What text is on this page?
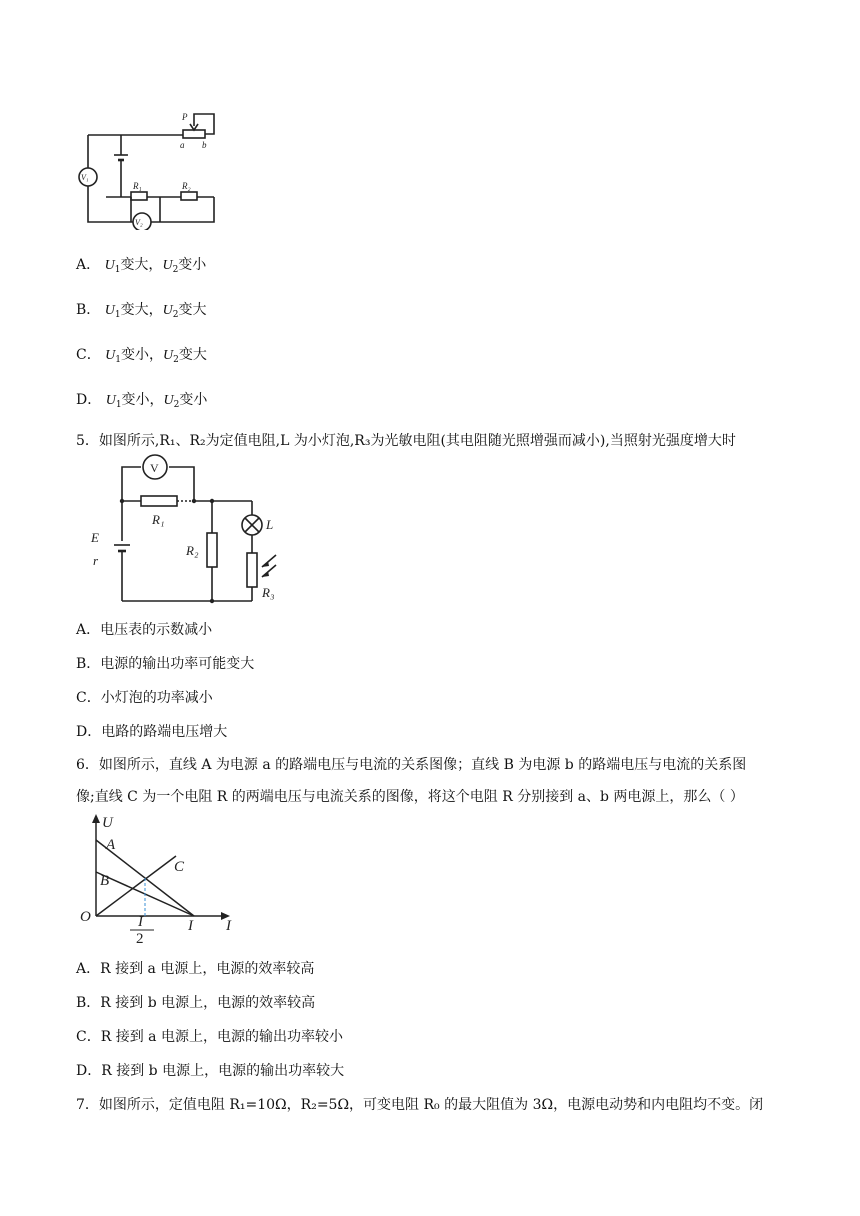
V₁
V₂
P
a b
R₁	R₂
A． $U_1$变大，$U_2$变小
B． $U_1$变大，$U_2$变大
C． $U_1$变小，$U_2$变大
D． $U_1$变小，$U_2$变小
5．如图所示,R₁、R₂为定值电阻,L 为小灯泡,R₃为光敏电阻(其电阻随光照增强而减小),当照射光强度增大时
V
R₁
R₂
E
r
L
R₃
A．电压表的示数减小
B．电源的输出功率可能变大
C．小灯泡的功率减小
D．电路的路端电压增大
6．如图所示，直线 A 为电源 a 的路端电压与电流的关系图像；直线 B 为电源 b 的路端电压与电流的关系图
像;直线 C 为一个电阻 R 的两端电压与电流关系的图像，将这个电阻 R 分别接到 a、b 两电源上，那么（ ）
U
A
B
C
O	I
2
I I
A．R 接到 a 电源上，电源的效率较高
B．R 接到 b 电源上，电源的效率较高
C．R 接到 a 电源上，电源的输出功率较小
D．R 接到 b 电源上，电源的输出功率较大
7．如图所示，定值电阻 R₁=10Ω，R₂=5Ω，可变电阻 R₀ 的最大阻值为 3Ω，电源电动势和内电阻均不变。闭
